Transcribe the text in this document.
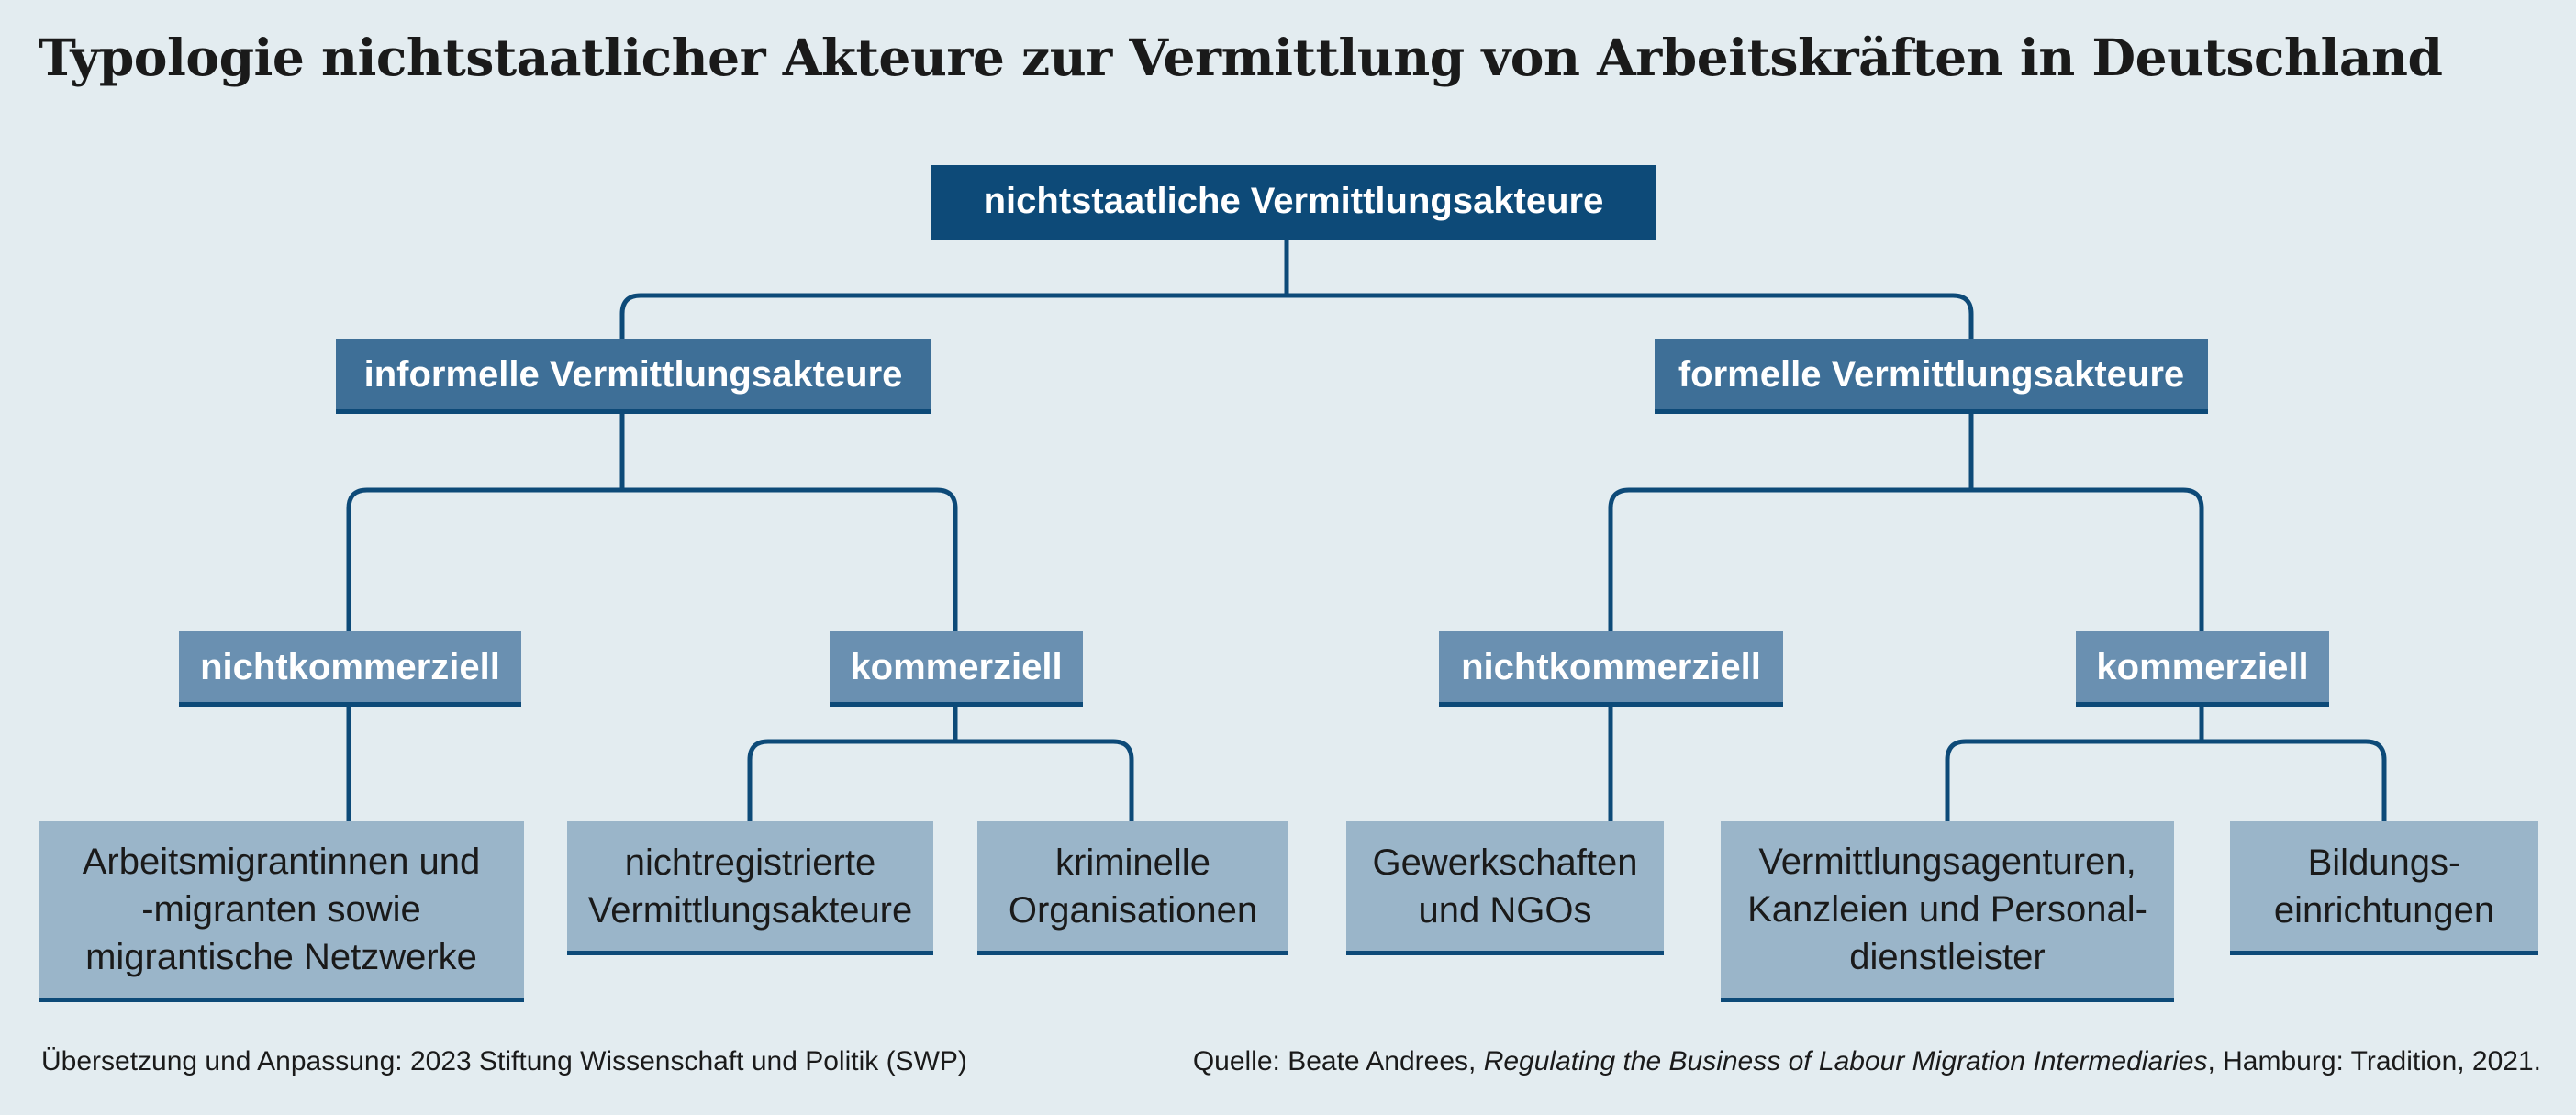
Typologie nichtstaatlicher Akteure zur Vermittlung von Arbeitskräften in Deutschland
nichtstaatliche Vermittlungsakteure
informelle Vermittlungsakteure	formelle Vermittlungsakteure
nichtkommerziell	kommerziell	nichtkommerziell	kommerziell
Arbeitsmigrantinnen und
-migranten sowie
migrantische Netzwerke
nichtregistrierte
Vermittlungsakteure
kriminelle
Organisationen
Gewerkschaften
und NGOs
Vermittlungsagenturen,
Kanzleien und Personal-
dienstleister
Bildungs-
einrichtungen
Übersetzung und Anpassung: 2023 Stiftung Wissenschaft und Politik (SWP)	Quelle: Beate Andrees, Regulating the Business of Labour Migration Intermediaries, Hamburg: Tradition, 2021.
